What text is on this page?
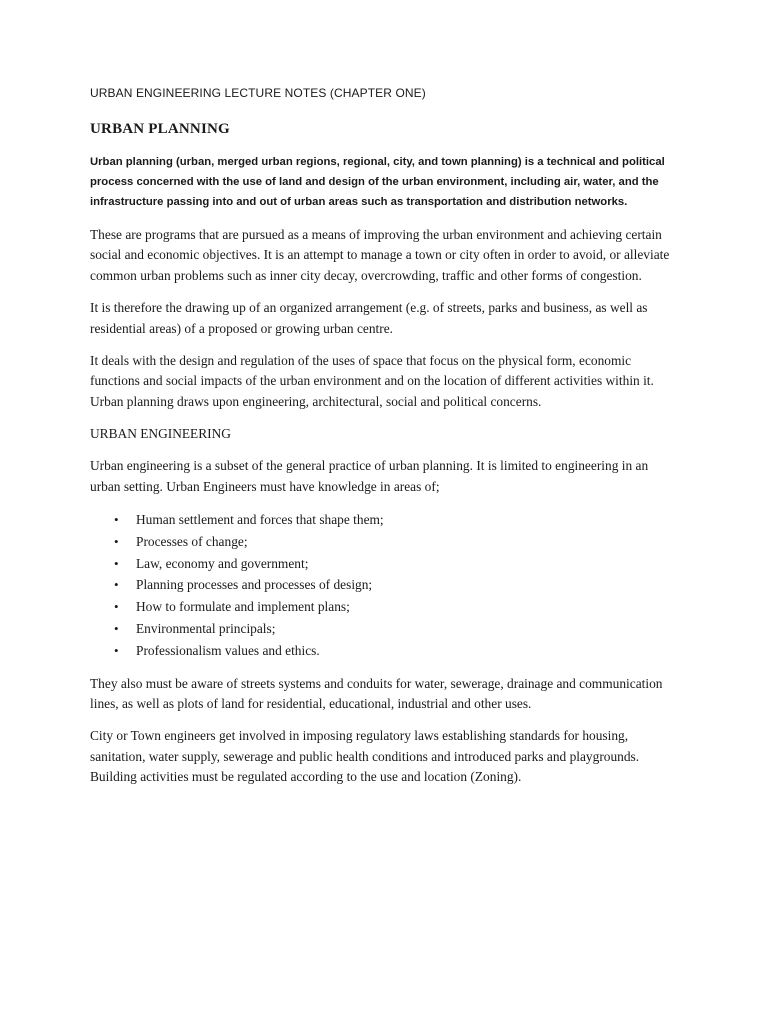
URBAN ENGINEERING LECTURE NOTES (CHAPTER ONE)
URBAN PLANNING

Urban planning (urban, merged urban regions, regional, city, and town planning) is a technical and political process concerned with the use of land and design of the urban environment, including air, water, and the infrastructure passing into and out of urban areas such as transportation and distribution networks.

These are programs that are pursued as a means of improving the urban environment and achieving certain social and economic objectives. It is an attempt to manage a town or city often in order to avoid, or alleviate common urban problems such as inner city decay, overcrowding, traffic and other forms of congestion.

It is therefore the drawing up of an organized arrangement (e.g. of streets, parks and business, as well as residential areas) of a proposed or growing urban centre.

It deals with the design and regulation of the uses of space that focus on the physical form, economic functions and social impacts of the urban environment and on the location of different activities within it. Urban planning draws upon engineering, architectural, social and political concerns.

URBAN ENGINEERING

Urban engineering is a subset of the general practice of urban planning. It is limited to engineering in an urban setting. Urban Engineers must have knowledge in areas of;

• Human settlement and forces that shape them;
• Processes of change;
• Law, economy and government;
• Planning processes and processes of design;
• How to formulate and implement plans;
• Environmental principals;
• Professionalism values and ethics.

They also must be aware of streets systems and conduits for water, sewerage, drainage and communication lines, as well as plots of land for residential, educational, industrial and other uses.

City or Town engineers get involved in imposing regulatory laws establishing standards for housing, sanitation, water supply, sewerage and public health conditions and introduced parks and playgrounds. Building activities must be regulated according to the use and location (Zoning).
